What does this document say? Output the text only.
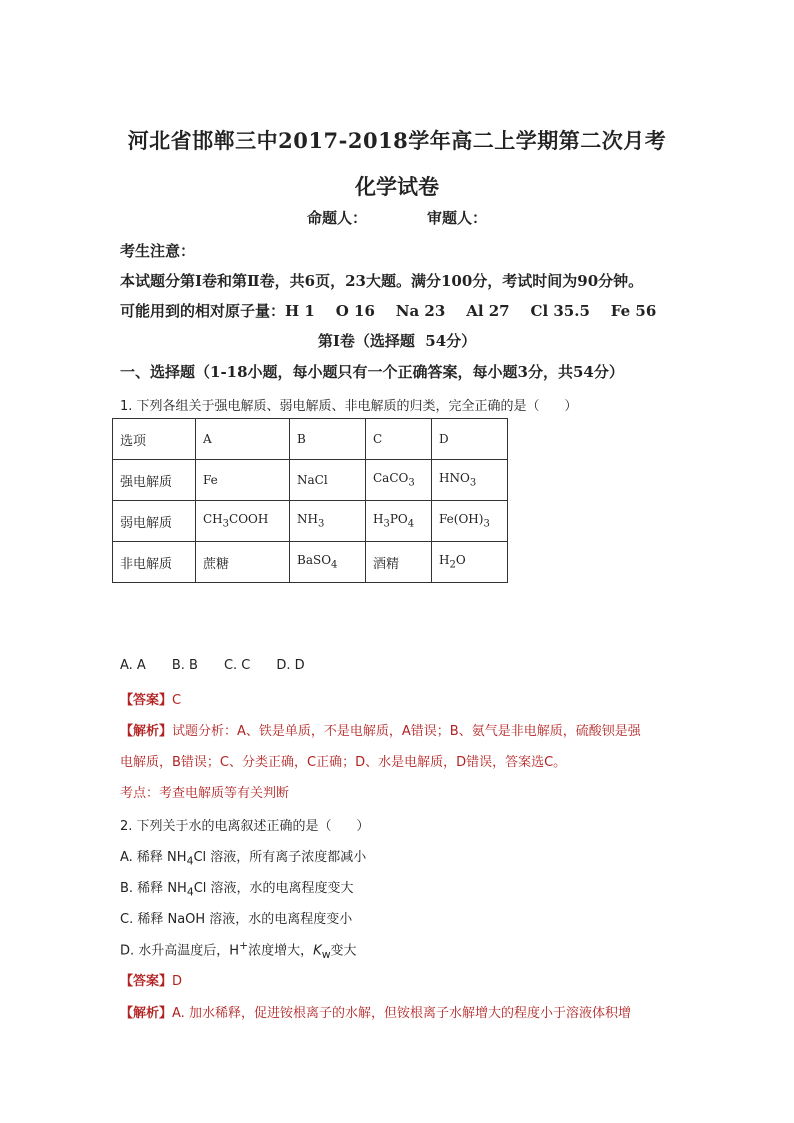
河北省邯郸三中2017-2018学年高二上学期第二次月考
化学试卷
命题人：	审题人：
考生注意：
本试题分第Ⅰ卷和第Ⅱ卷，共6页，23大题。满分100分，考试时间为90分钟。
可能用到的相对原子量：H 1    O 16    Na 23    Al 27    Cl 35.5    Fe 56
第Ⅰ卷（选择题  54分）
一、选择题（1-18小题，每小题只有一个正确答案，每小题3分，共54分）
1. 下列各组关于强电解质、弱电解质、非电解质的归类，完全正确的是（      ）
选项	A	B	C	D
强电解质	Fe	NaCl	CaCO$_3$	$HNO_3$
弱电解质	$CH_3COOH$	$NH_3$	$H_3PO_4$	$Fe(OH)_3$
非电解质	蔗糖	BaSO$_4$	酒精	$H_2O$
A. A B. B C. C D. D
【答案】C
【解析】试题分析：A、铁是单质，不是电解质，A错误；B、氨气是非电解质，硫酸钡是强
电解质，B错误；C、分类正确，C正确；D、水是电解质，D错误，答案选C。
考点：考查电解质等有关判断
2. 下列关于水的电离叙述正确的是（      ）
A. 稀释 $NH_4Cl$ 溶液，所有离子浓度都减小
B. 稀释 $NH_4Cl$ 溶液，水的电离程度变大
C. 稀释 NaOH 溶液，水的电离程度变小
D. 水升高温度后，H+浓度增大，$K_w$变大
【答案】D
【解析】A. 加水稀释，促进铵根离子的水解，但铵根离子水解增大的程度小于溶液体积增
